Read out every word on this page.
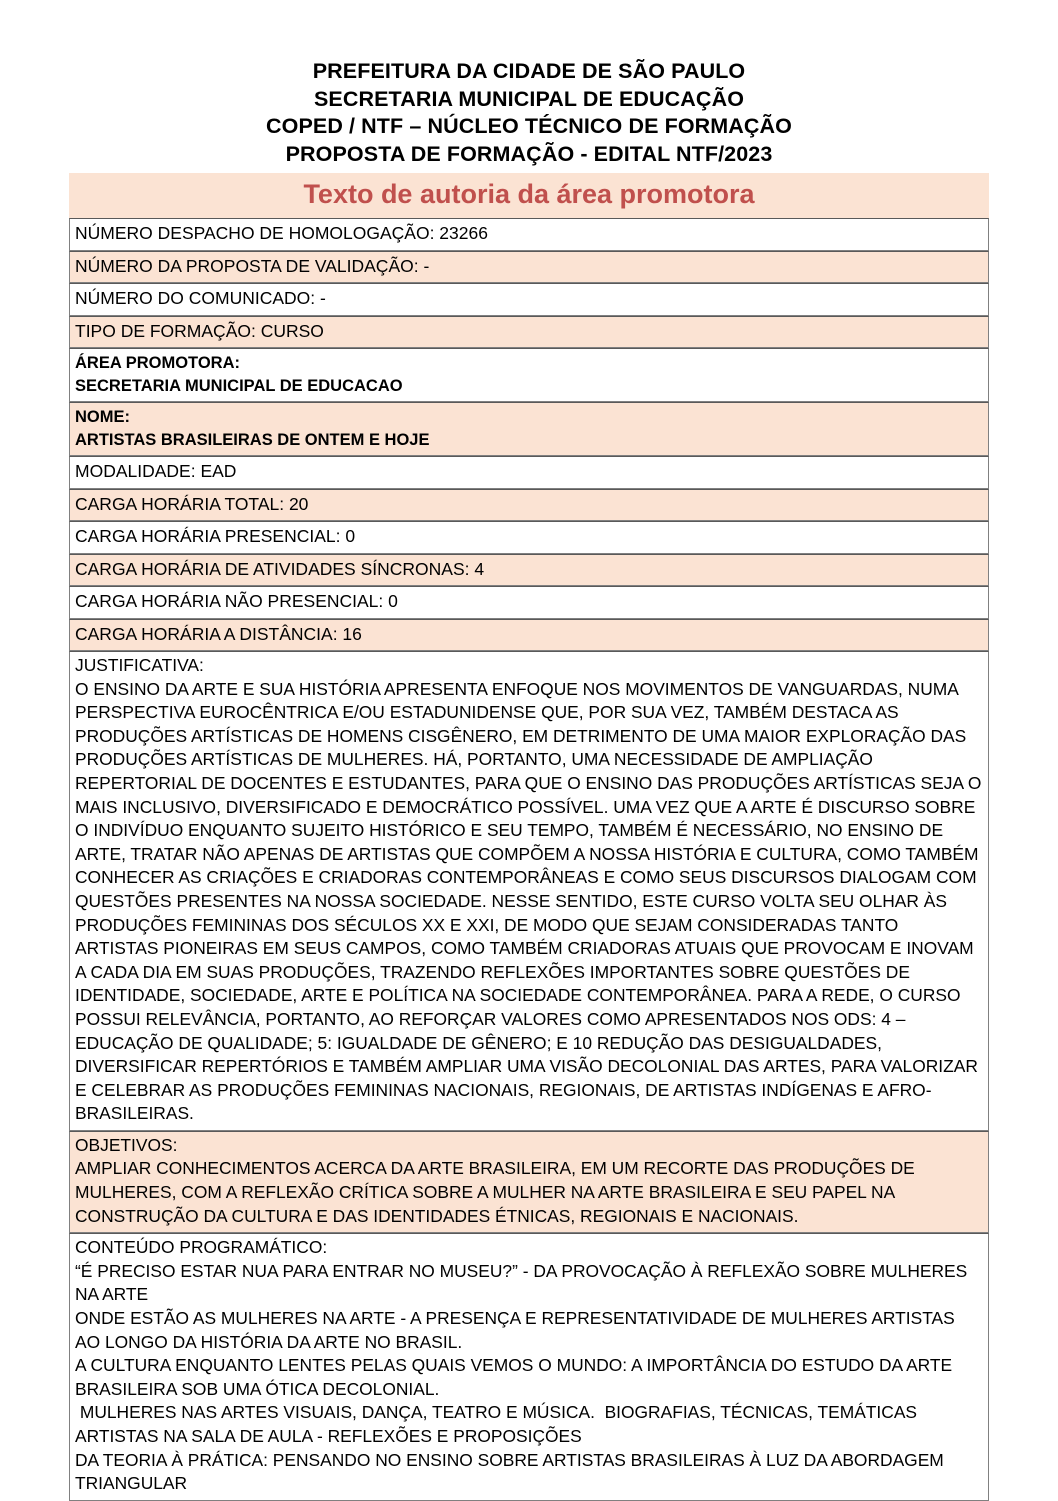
PREFEITURA DA CIDADE DE SÃO PAULO
SECRETARIA MUNICIPAL DE EDUCAÇÃO
COPED / NTF – NÚCLEO TÉCNICO DE FORMAÇÃO
PROPOSTA DE FORMAÇÃO - EDITAL NTF/2023
Texto de autoria da área promotora
NÚMERO DESPACHO DE HOMOLOGAÇÃO: 23266
NÚMERO DA PROPOSTA DE VALIDAÇÃO: -
NÚMERO DO COMUNICADO: -
TIPO DE FORMAÇÃO: CURSO

ÁREA PROMOTORA:
SECRETARIA MUNICIPAL DE EDUCACAO

NOME:
ARTISTAS BRASILEIRAS DE ONTEM E HOJE

MODALIDADE: EAD
CARGA HORÁRIA TOTAL: 20
CARGA HORÁRIA PRESENCIAL: 0
CARGA HORÁRIA DE ATIVIDADES SÍNCRONAS: 4
CARGA HORÁRIA NÃO PRESENCIAL: 0
CARGA HORÁRIA A DISTÂNCIA: 16

JUSTIFICATIVA:
O ENSINO DA ARTE E SUA HISTÓRIA APRESENTA ENFOQUE NOS MOVIMENTOS DE VANGUARDAS, NUMA PERSPECTIVA EUROCÊNTRICA E/OU ESTADUNIDENSE QUE, POR SUA VEZ, TAMBÉM DESTACA AS PRODUÇÕES ARTÍSTICAS DE HOMENS CISGÊNERO, EM DETRIMENTO DE UMA MAIOR EXPLORAÇÃO DAS PRODUÇÕES ARTÍSTICAS DE MULHERES. HÁ, PORTANTO, UMA NECESSIDADE DE AMPLIAÇÃO REPERTORIAL DE DOCENTES E ESTUDANTES, PARA QUE O ENSINO DAS PRODUÇÕES ARTÍSTICAS SEJA O MAIS INCLUSIVO, DIVERSIFICADO E DEMOCRÁTICO POSSÍVEL. UMA VEZ QUE A ARTE É DISCURSO SOBRE O INDIVÍDUO ENQUANTO SUJEITO HISTÓRICO E SEU TEMPO, TAMBÉM É NECESSÁRIO, NO ENSINO DE ARTE, TRATAR NÃO APENAS DE ARTISTAS QUE COMPÕEM A NOSSA HISTÓRIA E CULTURA, COMO TAMBÉM CONHECER AS CRIAÇÕES E CRIADORAS CONTEMPORÂNEAS E COMO SEUS DISCURSOS DIALOGAM COM QUESTÕES PRESENTES NA NOSSA SOCIEDADE. NESSE SENTIDO, ESTE CURSO VOLTA SEU OLHAR ÀS PRODUÇÕES FEMININAS DOS SÉCULOS XX E XXI, DE MODO QUE SEJAM CONSIDERADAS TANTO ARTISTAS PIONEIRAS EM SEUS CAMPOS, COMO TAMBÉM CRIADORAS ATUAIS QUE PROVOCAM E INOVAM A CADA DIA EM SUAS PRODUÇÕES, TRAZENDO REFLEXÕES IMPORTANTES SOBRE QUESTÕES DE IDENTIDADE, SOCIEDADE, ARTE E POLÍTICA NA SOCIEDADE CONTEMPORÂNEA. PARA A REDE, O CURSO POSSUI RELEVÂNCIA, PORTANTO, AO REFORÇAR VALORES COMO APRESENTADOS NOS ODS: 4 – EDUCAÇÃO DE QUALIDADE; 5: IGUALDADE DE GÊNERO; E 10 REDUÇÃO DAS DESIGUALDADES, DIVERSIFICAR REPERTÓRIOS E TAMBÉM AMPLIAR UMA VISÃO DECOLONIAL DAS ARTES, PARA VALORIZAR E CELEBRAR AS PRODUÇÕES FEMININAS NACIONAIS, REGIONAIS, DE ARTISTAS INDÍGENAS E AFRO-BRASILEIRAS.

OBJETIVOS:
AMPLIAR CONHECIMENTOS ACERCA DA ARTE BRASILEIRA, EM UM RECORTE DAS PRODUÇÕES DE MULHERES, COM A REFLEXÃO CRÍTICA SOBRE A MULHER NA ARTE BRASILEIRA E SEU PAPEL NA CONSTRUÇÃO DA CULTURA E DAS IDENTIDADES ÉTNICAS, REGIONAIS E NACIONAIS.

CONTEÚDO PROGRAMÁTICO:
“É PRECISO ESTAR NUA PARA ENTRAR NO MUSEU?” - DA PROVOCAÇÃO À REFLEXÃO SOBRE MULHERES NA ARTE
ONDE ESTÃO AS MULHERES NA ARTE - A PRESENÇA E REPRESENTATIVIDADE DE MULHERES ARTISTAS AO LONGO DA HISTÓRIA DA ARTE NO BRASIL.
A CULTURA ENQUANTO LENTES PELAS QUAIS VEMOS O MUNDO: A IMPORTÂNCIA DO ESTUDO DA ARTE BRASILEIRA SOB UMA ÓTICA DECOLONIAL.
MULHERES NAS ARTES VISUAIS, DANÇA, TEATRO E MÚSICA.  BIOGRAFIAS, TÉCNICAS, TEMÁTICAS
ARTISTAS NA SALA DE AULA - REFLEXÕES E PROPOSIÇÕES
DA TEORIA À PRÁTICA: PENSANDO NO ENSINO SOBRE ARTISTAS BRASILEIRAS À LUZ DA ABORDAGEM TRIANGULAR
